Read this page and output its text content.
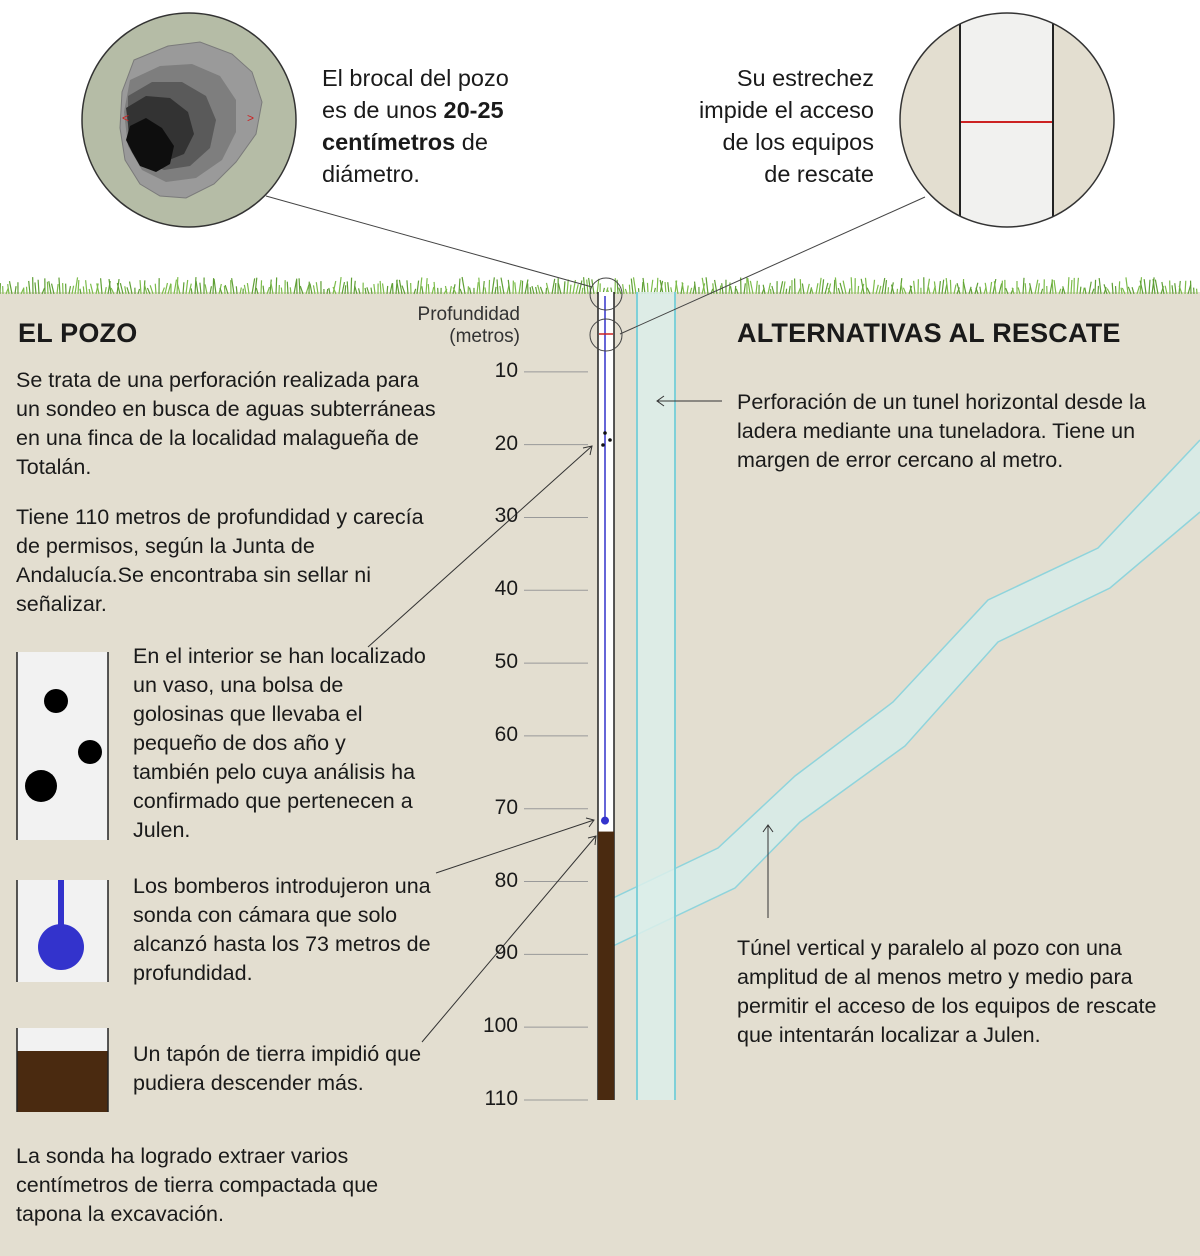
<	>
El brocal del pozo
es de unos 20-25
centímetros de
diámetro.
Su estrechez
impide el acceso
de los equipos
de rescate
EL POZO

Se trata de una perforación realizada para un sondeo en busca de aguas subterráneas en una finca de la localidad malagueña de Totalán.

Tiene 110 metros de profundidad y carecía de permisos, según la Junta de Andalucía.Se encontraba sin sellar ni señalizar.

En el interior se han localizado un vaso, una bolsa de golosinas que llevaba el pequeño de dos año y también pelo cuya análisis ha confirmado que pertenecen a Julen.

Los bomberos introdujeron una sonda con cámara que solo alcanzó hasta los 73 metros de profundidad.

Un tapón de tierra impidió que pudiera descender más.

La sonda ha logrado extraer varios centímetros de tierra compactada que tapona la excavación.

Profundidad
(metros)
10
20
30
40
50
60
70
80
90
100
110
ALTERNATIVAS AL RESCATE

Perforación de un tunel horizontal desde la ladera mediante una tuneladora. Tiene un margen de error cercano al metro.

Túnel vertical y paralelo al pozo con una amplitud de al menos metro y medio para permitir el acceso de los equipos de rescate que intentarán localizar a Julen.
